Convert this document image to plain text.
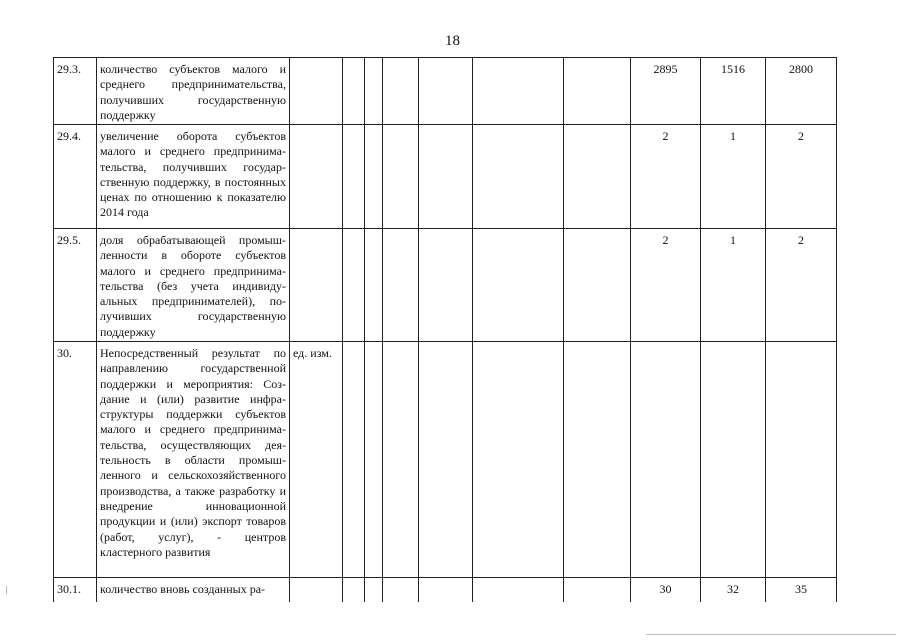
18
29.3.	количество субъектов малого и среднего предпринимательства, получивших государственную поддержку								2895	1516	2800
29.4.	увеличение оборота субъектов малого и среднего предпринимательства, получивших государственную поддержку, в постоянных ценах по отношению к показателю 2014 года								2	1	2
29.5.	доля обрабатывающей промышленности в обороте субъектов малого и среднего предпринимательства (без учета индивидуальных предпринимателей), получивших государственную поддержку								2	1	2
30.	Непосредственный результат по направлению государственной поддержки и мероприятия: Создание и (или) развитие инфраструктуры поддержки субъектов малого и среднего предпринимательства, осуществляющих деятельность в области промышленного и сельскохозяйственного производства, а также разработку и внедрение инновационной продукции и (или) экспорт товаров (работ, услуг), - центров кластерного развития	ед. изм.									
30.1.	количество вновь созданных ра-								30	32	35
